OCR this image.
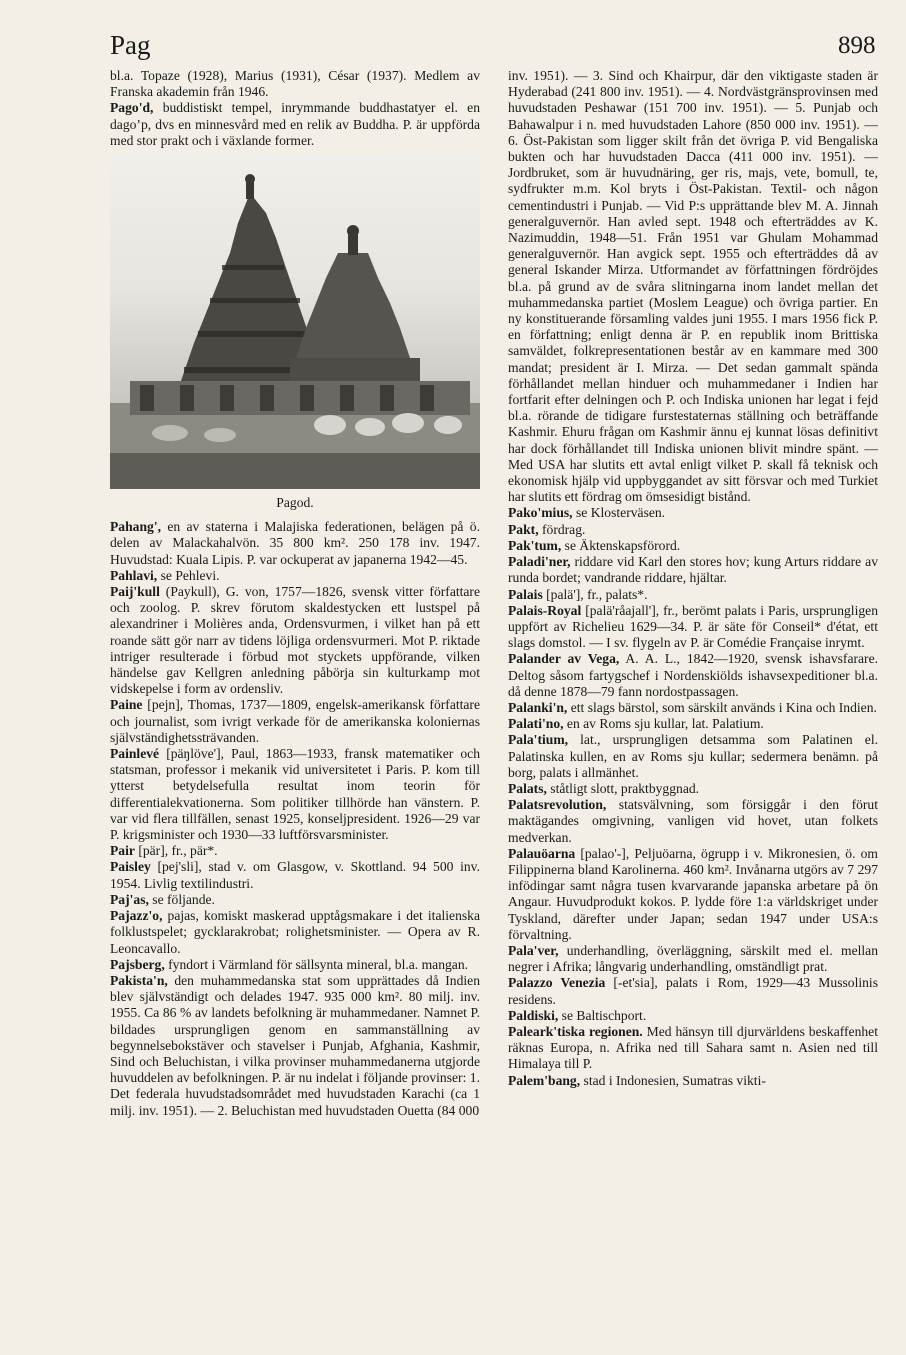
Pag	898

bl.a. Topaze (1928), Marius (1931), César (1937). Medlem av Franska akademin från 1946.

Pago'd, buddistiskt tempel, inrymmande buddhastatyer el. en dagoʼp, dvs en minnesvård med en relik av Buddha. P. är uppförda med stor prakt och i växlande former.

Pagod.

Pahang', en av staterna i Malajiska federationen, belägen på ö. delen av Malackahalvön. 35 800 km². 250 178 inv. 1947. Huvudstad: Kuala Lipis. P. var ockuperat av japanerna 1942—45.

Pahlavi, se Pehlevi.

Paij'kull (Paykull), G. von, 1757—1826, svensk vitter författare och zoolog. P. skrev förutom skaldestycken ett lustspel på alexandriner i Molières anda, Ordensvurmen, i vilket han på ett roande sätt gör narr av tidens löjliga ordensvurmeri. Mot P. riktade intriger resulterade i förbud mot styckets uppförande, vilken händelse gav Kellgren anledning påbörja sin kulturkamp mot vidskepelse i form av ordensliv.

Paine [pejn], Thomas, 1737—1809, engelsk-amerikansk författare och journalist, som ivrigt verkade för de amerikanska koloniernas självständighetssträvanden.

Painlevé [päŋlöve'], Paul, 1863—1933, fransk matematiker och statsman, professor i mekanik vid universitetet i Paris. P. kom till ytterst betydelsefulla resultat inom teorin för differentialekvationerna. Som politiker tillhörde han vänstern. P. var vid flera tillfällen, senast 1925, konseljpresident. 1926—29 var P. krigsminister och 1930—33 luftförsvarsminister.

Pair [pär], fr., pär*.

Paisley [pej'sli], stad v. om Glasgow, v. Skottland. 94 500 inv. 1954. Livlig textilindustri.

Paj'as, se följande.

Pajazz'o, pajas, komiskt maskerad upptågsmakare i det italienska folklustspelet; gycklarakrobat; rolighetsminister. — Opera av R. Leoncavallo.

Pajsberg, fyndort i Värmland för sällsynta mineral, bl.a. mangan.

Pakista'n, den muhammedanska stat som upprättades då Indien blev självständigt och delades 1947. 935 000 km². 80 milj. inv. 1955. Ca 86 % av landets befolkning är muhammedaner. Namnet P. bildades ursprungligen genom en sammanställning av begynnelsebokstäver och stavelser i Punjab, Afghania, Kashmir, Sind och Beluchistan, i vilka provinser muhammedanerna utgjorde huvuddelen av befolkningen. P. är nu indelat i följande provinser: 1. Det federala huvudstadsområdet med huvudstaden Karachi (ca 1 milj. inv. 1951). — 2. Beluchistan med huvudstaden Ouetta (84 000

inv. 1951). — 3. Sind och Khairpur, där den viktigaste staden är Hyderabad (241 800 inv. 1951). — 4. Nordvästgränsprovinsen med huvudstaden Peshawar (151 700 inv. 1951). — 5. Punjab och Bahawalpur i n. med huvudstaden Lahore (850 000 inv. 1951). — 6. Öst-Pakistan som ligger skilt från det övriga P. vid Bengaliska bukten och har huvudstaden Dacca (411 000 inv. 1951). — Jordbruket, som är huvudnäring, ger ris, majs, vete, bomull, te, sydfrukter m.m. Kol bryts i Öst-Pakistan. Textil- och någon cementindustri i Punjab. — Vid P:s upprättande blev M. A. Jinnah generalguvernör. Han avled sept. 1948 och efterträddes av K. Nazimuddin, 1948—51. Från 1951 var Ghulam Mohammad generalguvernör. Han avgick sept. 1955 och efterträddes då av general Iskander Mirza. Utformandet av författningen fördröjdes bl.a. på grund av de svåra slitningarna inom landet mellan det muhammedanska partiet (Moslem League) och övriga partier. En ny konstituerande församling valdes juni 1955. I mars 1956 fick P. en författning; enligt denna är P. en republik inom Brittiska samväldet, folkrepresentationen består av en kammare med 300 mandat; president är I. Mirza. — Det sedan gammalt spända förhållandet mellan hinduer och muhammedaner i Indien har fortfarit efter delningen och P. och Indiska unionen har legat i fejd bl.a. rörande de tidigare furstestaternas ställning och beträffande Kashmir. Ehuru frågan om Kashmir ännu ej kunnat lösas definitivt har dock förhållandet till Indiska unionen blivit mindre spänt. — Med USA har slutits ett avtal enligt vilket P. skall få teknisk och ekonomisk hjälp vid uppbyggandet av sitt försvar och med Turkiet har slutits ett fördrag om ömsesidigt bistånd.

Pako'mius, se Klosterväsen.

Pakt, fördrag.

Pak'tum, se Äktenskapsförord.

Paladi'ner, riddare vid Karl den stores hov; kung Arturs riddare av runda bordet; vandrande riddare, hjältar.

Palais [palä'], fr., palats*.

Palais-Royal [palä'råajall'], fr., berömt palats i Paris, ursprungligen uppfört av Richelieu 1629—34. P. är säte för Conseil* d'état, ett slags domstol. — I sv. flygeln av P. är Comédie Française inrymt.

Palander av Vega, A. A. L., 1842—1920, svensk ishavsfarare. Deltog såsom fartygschef i Nordenskiölds ishavsexpeditioner bl.a. då denne 1878—79 fann nordostpassagen.

Palanki'n, ett slags bärstol, som särskilt används i Kina och Indien.

Palati'no, en av Roms sju kullar, lat. Palatium.

Pala'tium, lat., ursprungligen detsamma som Palatinen el. Palatinska kullen, en av Roms sju kullar; sedermera benämn. på borg, palats i allmänhet.

Palats, ståtligt slott, praktbyggnad.

Palatsrevolution, statsvälvning, som försiggår i den förut maktägandes omgivning, vanligen vid hovet, utan folkets medverkan.

Palauöarna [palao'-], Peljuöarna, ögrupp i v. Mikronesien, ö. om Filippinerna bland Karolinerna. 460 km². Invånarna utgörs av 7 297 infödingar samt några tusen kvarvarande japanska arbetare på ön Angaur. Huvudprodukt kokos. P. lydde före 1:a världskriget under Tyskland, därefter under Japan; sedan 1947 under USA:s förvaltning.

Pala'ver, underhandling, överläggning, särskilt med el. mellan negrer i Afrika; långvarig underhandling, omständligt prat.

Palazzo Venezia [-et'sia], palats i Rom, 1929—43 Mussolinis residens.

Paldiski, se Baltischport.

Paleark'tiska regionen. Med hänsyn till djurvärldens beskaffenhet räknas Europa, n. Afrika ned till Sahara samt n. Asien ned till Himalaya till P.

Palem'bang, stad i Indonesien, Sumatras vikti-
